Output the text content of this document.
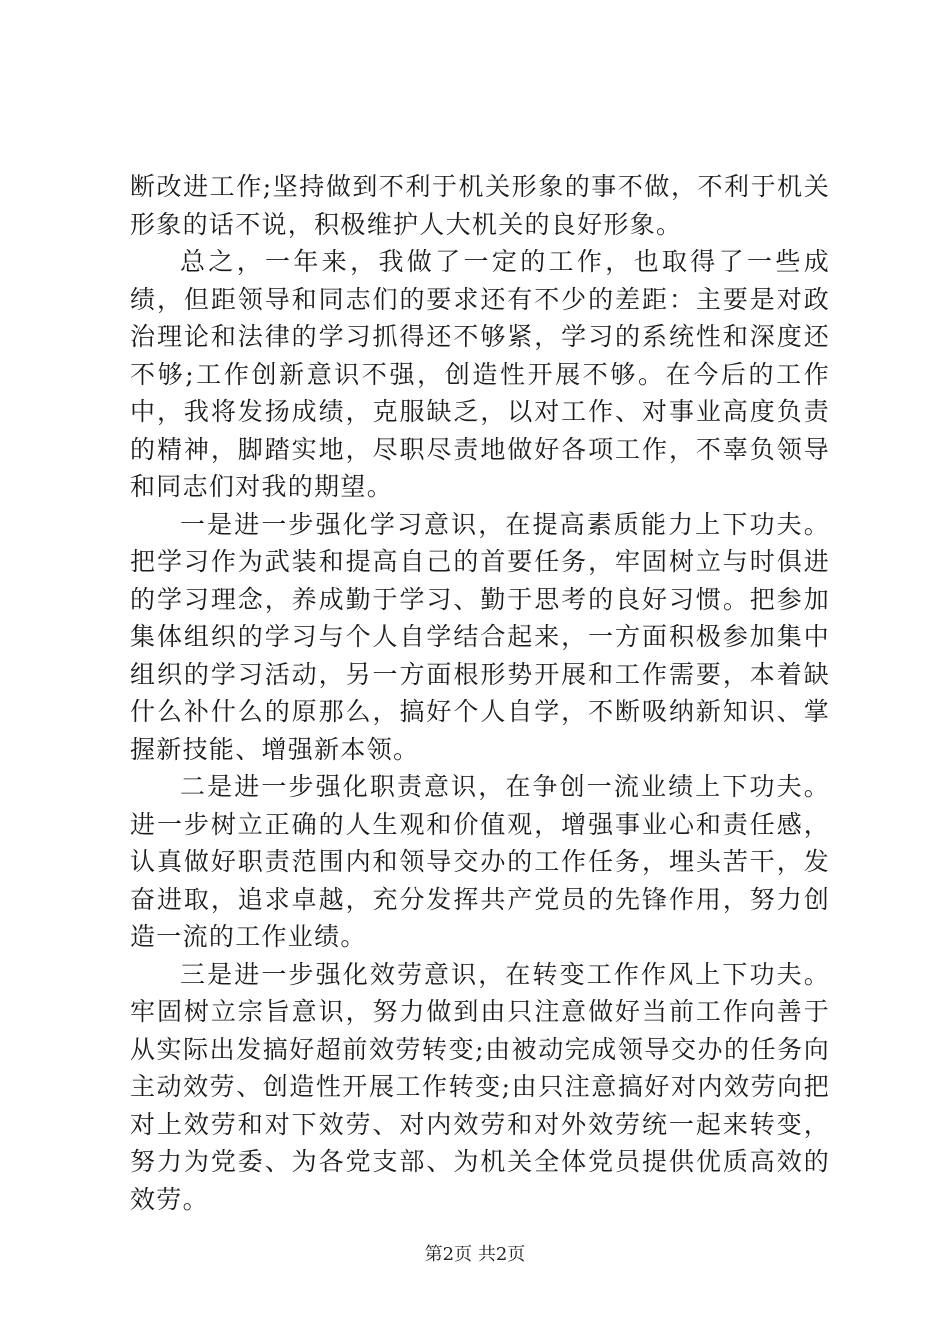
断改进工作;坚持做到不利于机关形象的事不做，不利于机关形象的话不说，积极维护人大机关的良好形象。

总之，一年来，我做了一定的工作，也取得了一些成绩，但距领导和同志们的要求还有不少的差距：主要是对政治理论和法律的学习抓得还不够紧，学习的系统性和深度还不够;工作创新意识不强，创造性开展不够。在今后的工作中，我将发扬成绩，克服缺乏，以对工作、对事业高度负责的精神，脚踏实地，尽职尽责地做好各项工作，不辜负领导和同志们对我的期望。

一是进一步强化学习意识，在提高素质能力上下功夫。把学习作为武装和提高自己的首要任务，牢固树立与时俱进的学习理念，养成勤于学习、勤于思考的良好习惯。把参加集体组织的学习与个人自学结合起来，一方面积极参加集中组织的学习活动，另一方面根形势开展和工作需要，本着缺什么补什么的原那么，搞好个人自学，不断吸纳新知识、掌握新技能、增强新本领。

二是进一步强化职责意识，在争创一流业绩上下功夫。进一步树立正确的人生观和价值观，增强事业心和责任感，认真做好职责范围内和领导交办的工作任务，埋头苦干，发奋进取，追求卓越，充分发挥共产党员的先锋作用，努力创造一流的工作业绩。

三是进一步强化效劳意识，在转变工作作风上下功夫。牢固树立宗旨意识，努力做到由只注意做好当前工作向善于从实际出发搞好超前效劳转变;由被动完成领导交办的任务向主动效劳、创造性开展工作转变;由只注意搞好对内效劳向把对上效劳和对下效劳、对内效劳和对外效劳统一起来转变，努力为党委、为各党支部、为机关全体党员提供优质高效的效劳。

第2页 共2页
